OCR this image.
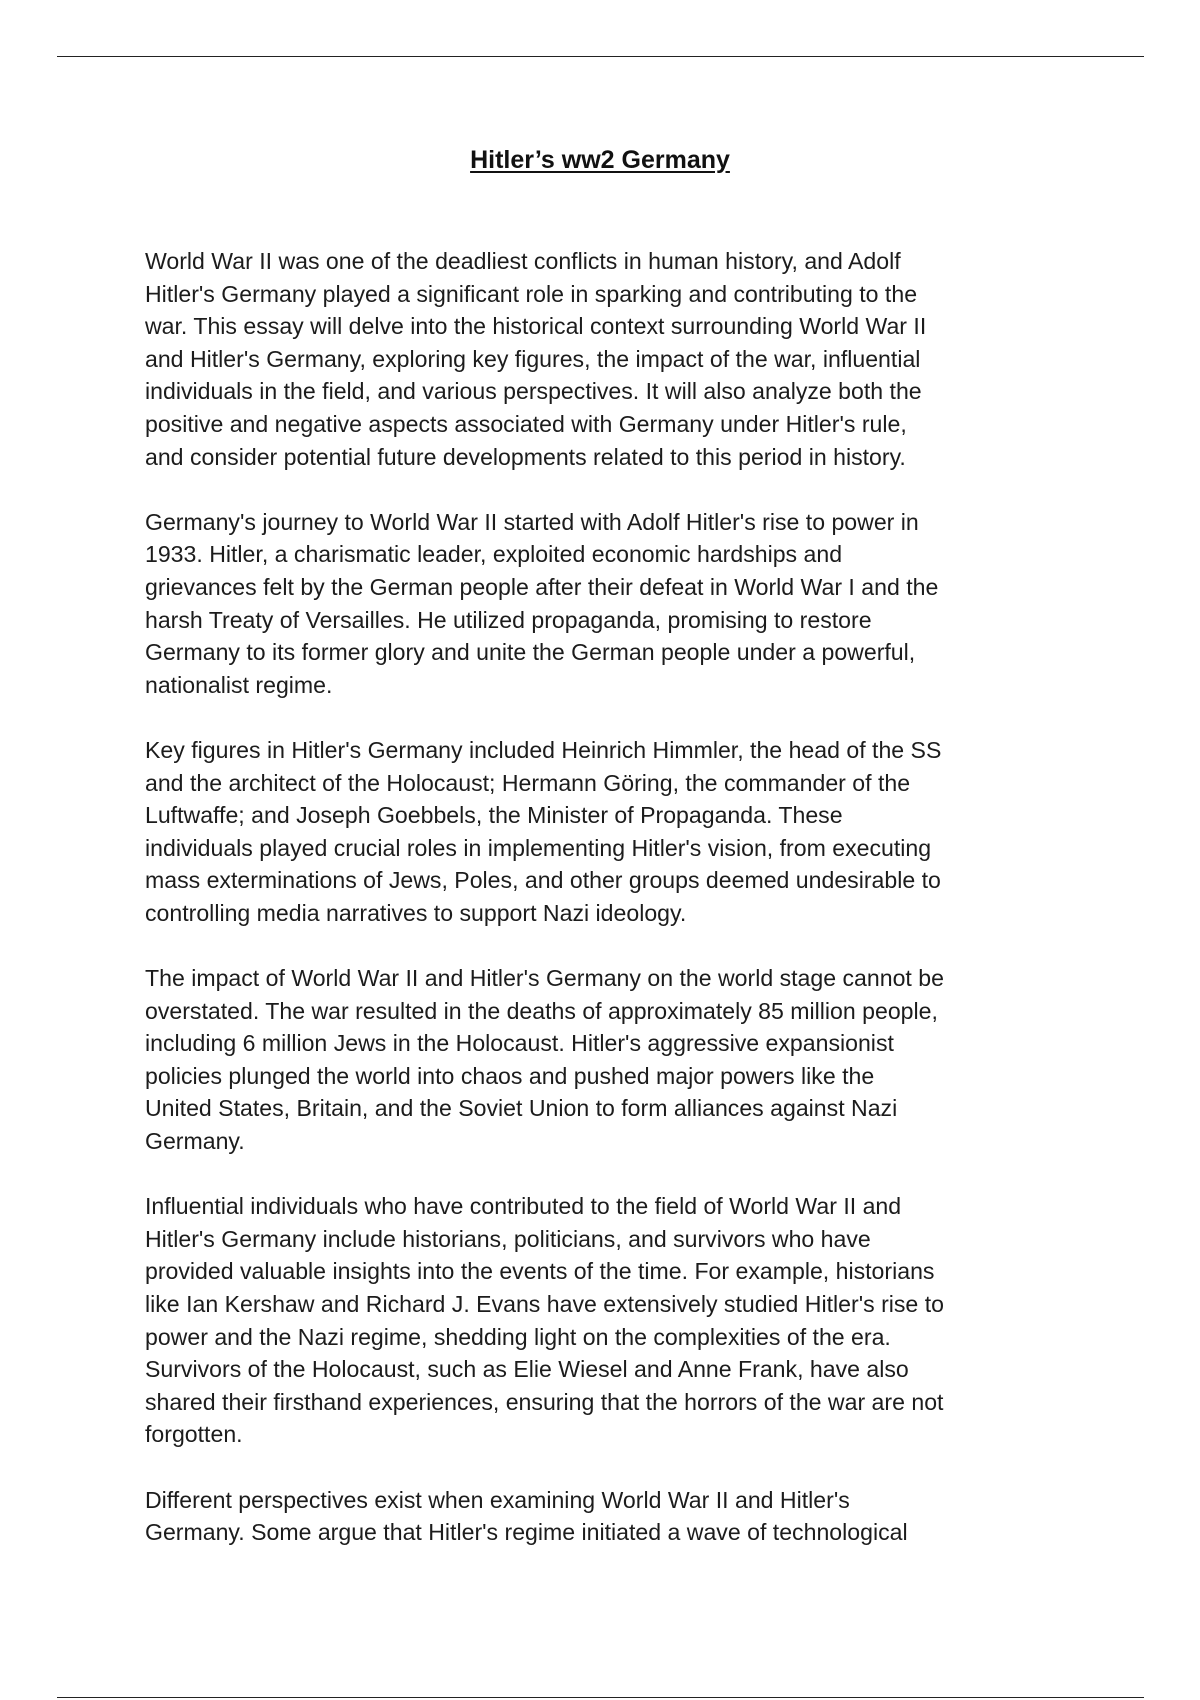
Hitler’s ww2 Germany

World War II was one of the deadliest conflicts in human history, and Adolf
Hitler's Germany played a significant role in sparking and contributing to the
war. This essay will delve into the historical context surrounding World War II
and Hitler's Germany, exploring key figures, the impact of the war, influential
individuals in the field, and various perspectives. It will also analyze both the
positive and negative aspects associated with Germany under Hitler's rule,
and consider potential future developments related to this period in history.

Germany's journey to World War II started with Adolf Hitler's rise to power in
1933. Hitler, a charismatic leader, exploited economic hardships and
grievances felt by the German people after their defeat in World War I and the
harsh Treaty of Versailles. He utilized propaganda, promising to restore
Germany to its former glory and unite the German people under a powerful,
nationalist regime.

Key figures in Hitler's Germany included Heinrich Himmler, the head of the SS
and the architect of the Holocaust; Hermann Göring, the commander of the
Luftwaffe; and Joseph Goebbels, the Minister of Propaganda. These
individuals played crucial roles in implementing Hitler's vision, from executing
mass exterminations of Jews, Poles, and other groups deemed undesirable to
controlling media narratives to support Nazi ideology.

The impact of World War II and Hitler's Germany on the world stage cannot be
overstated. The war resulted in the deaths of approximately 85 million people,
including 6 million Jews in the Holocaust. Hitler's aggressive expansionist
policies plunged the world into chaos and pushed major powers like the
United States, Britain, and the Soviet Union to form alliances against Nazi
Germany.

Influential individuals who have contributed to the field of World War II and
Hitler's Germany include historians, politicians, and survivors who have
provided valuable insights into the events of the time. For example, historians
like Ian Kershaw and Richard J. Evans have extensively studied Hitler's rise to
power and the Nazi regime, shedding light on the complexities of the era.
Survivors of the Holocaust, such as Elie Wiesel and Anne Frank, have also
shared their firsthand experiences, ensuring that the horrors of the war are not
forgotten.

Different perspectives exist when examining World War II and Hitler's
Germany. Some argue that Hitler's regime initiated a wave of technological
